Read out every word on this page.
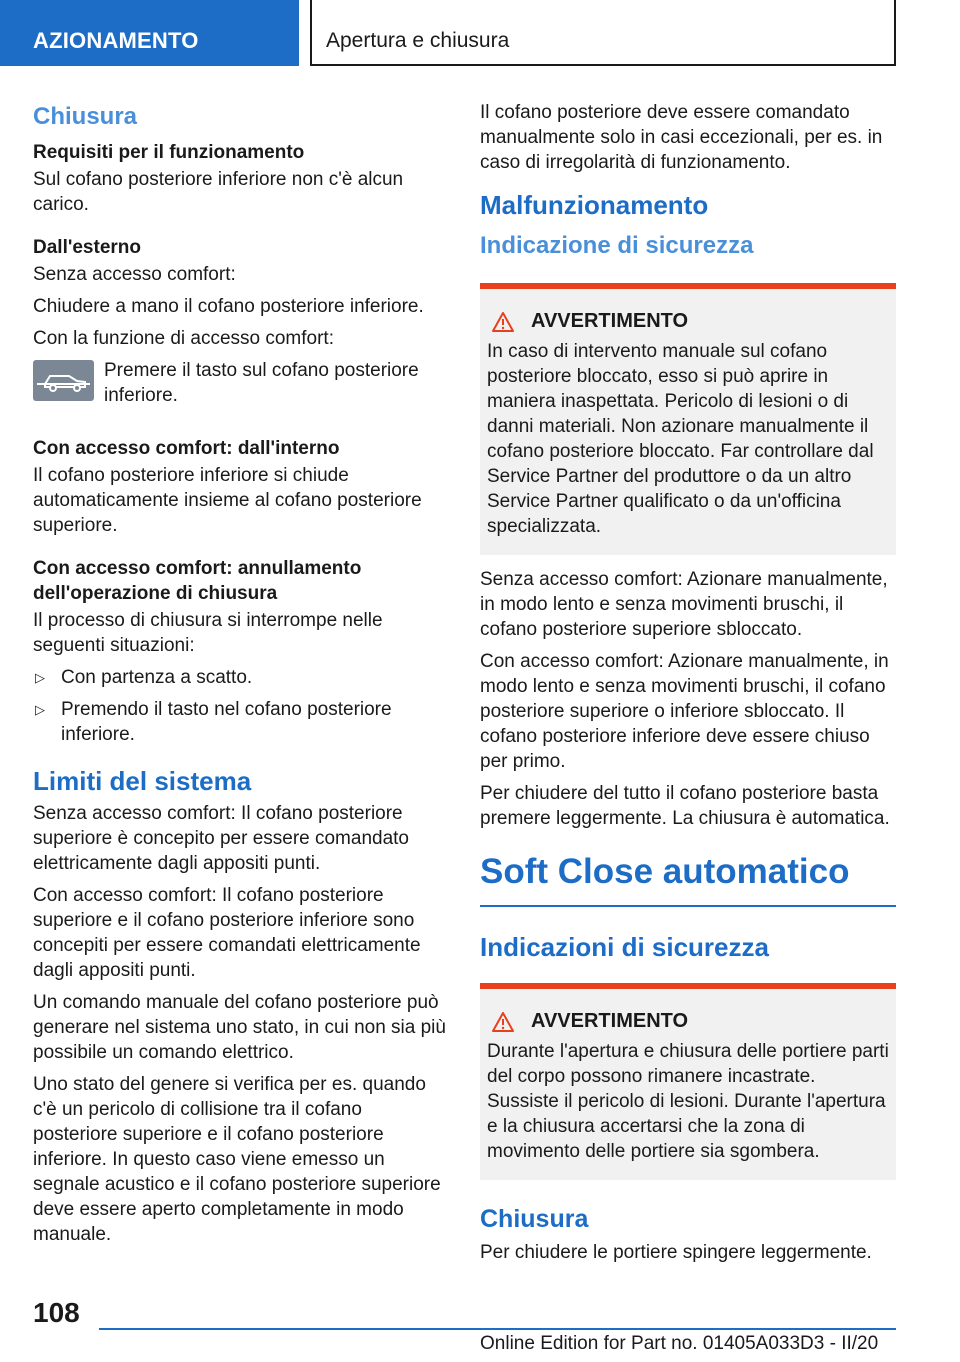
AZIONAMENTO	Apertura e chiusura
Chiusura
Requisiti per il funzionamento

Sul cofano posteriore inferiore non c'è alcun carico.

Dall'esterno

Senza accesso comfort:

Chiudere a mano il cofano posteriore inferiore.

Con la funzione di accesso comfort:

Premere il tasto sul cofano posteriore inferiore.
Con accesso comfort: dall'interno

Il cofano posteriore inferiore si chiude automaticamente insieme al cofano posteriore superiore.

Con accesso comfort: annullamento dell'operazione di chiusura

Il processo di chiusura si interrompe nelle seguenti situazioni:

▷ Con partenza a scatto.
▷ Premendo il tasto nel cofano posteriore inferiore.
Limiti del sistema

Senza accesso comfort: Il cofano posteriore superiore è concepito per essere comandato elettricamente dagli appositi punti.

Con accesso comfort: Il cofano posteriore superiore e il cofano posteriore inferiore sono concepiti per essere comandati elettricamente dagli appositi punti.

Un comando manuale del cofano posteriore può generare nel sistema uno stato, in cui non sia più possibile un comando elettrico.

Uno stato del genere si verifica per es. quando c'è un pericolo di collisione tra il cofano posteriore superiore e il cofano posteriore inferiore. In questo caso viene emesso un segnale acustico e il cofano posteriore superiore deve essere aperto completamente in modo manuale.

Il cofano posteriore deve essere comandato manualmente solo in casi eccezionali, per es. in caso di irregolarità di funzionamento.

Malfunzionamento
Indicazione di sicurezza
AVVERTIMENTO
In caso di intervento manuale sul cofano posteriore bloccato, esso si può aprire in maniera inaspettata. Pericolo di lesioni o di danni materiali. Non azionare manualmente il cofano posteriore bloccato. Far controllare dal Service Partner del produttore o da un altro Service Partner qualificato o da un'officina specializzata.

Senza accesso comfort: Azionare manualmente, in modo lento e senza movimenti bruschi, il cofano posteriore superiore sbloccato.

Con accesso comfort: Azionare manualmente, in modo lento e senza movimenti bruschi, il cofano posteriore superiore o inferiore sbloccato. Il cofano posteriore inferiore deve essere chiuso per primo.

Per chiudere del tutto il cofano posteriore basta premere leggermente. La chiusura è automatica.

Soft Close automatico
Indicazioni di sicurezza
AVVERTIMENTO
Durante l'apertura e chiusura delle portiere parti del corpo possono rimanere incastrate. Sussiste il pericolo di lesioni. Durante l'apertura e la chiusura accertarsi che la zona di movimento delle portiere sia sgombera.
Chiusura

Per chiudere le portiere spingere leggermente.

108
Online Edition for Part no. 01405A033D3 - II/20
